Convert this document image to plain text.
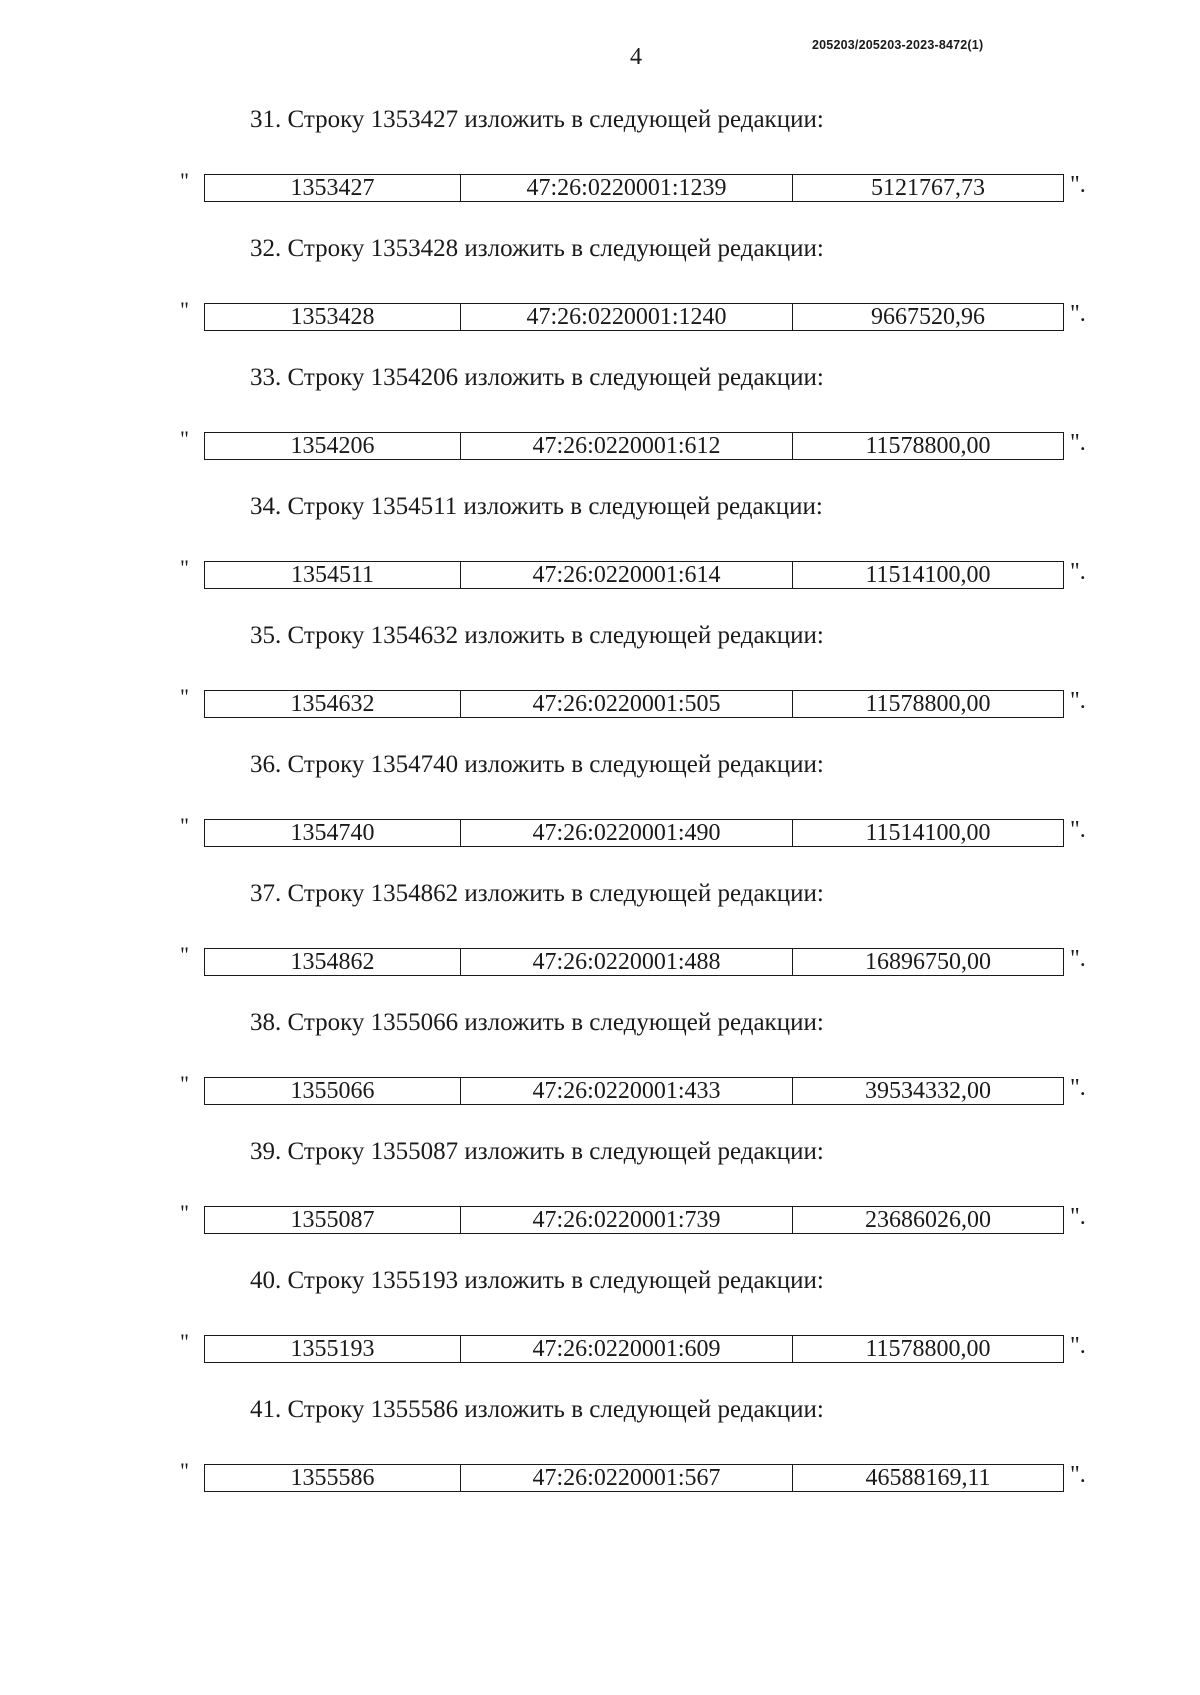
4	205203/205203-2023-8472(1)
31. Строку 1353427 изложить в следующей редакции:
"	1353427	47:26:0220001:1239	5121767,73	".
32. Строку 1353428 изложить в следующей редакции:
"	1353428	47:26:0220001:1240	9667520,96	".
33. Строку 1354206 изложить в следующей редакции:
"	1354206	47:26:0220001:612	11578800,00	".
34. Строку 1354511 изложить в следующей редакции:
"	1354511	47:26:0220001:614	11514100,00	".
35. Строку 1354632 изложить в следующей редакции:
"	1354632	47:26:0220001:505	11578800,00	".
36. Строку 1354740 изложить в следующей редакции:
"	1354740	47:26:0220001:490	11514100,00	".
37. Строку 1354862 изложить в следующей редакции:
"	1354862	47:26:0220001:488	16896750,00	".
38. Строку 1355066 изложить в следующей редакции:
"	1355066	47:26:0220001:433	39534332,00	".
39. Строку 1355087 изложить в следующей редакции:
"	1355087	47:26:0220001:739	23686026,00	".
40. Строку 1355193 изложить в следующей редакции:
"	1355193	47:26:0220001:609	11578800,00	".
41. Строку 1355586 изложить в следующей редакции:
"	1355586	47:26:0220001:567	46588169,11	".
